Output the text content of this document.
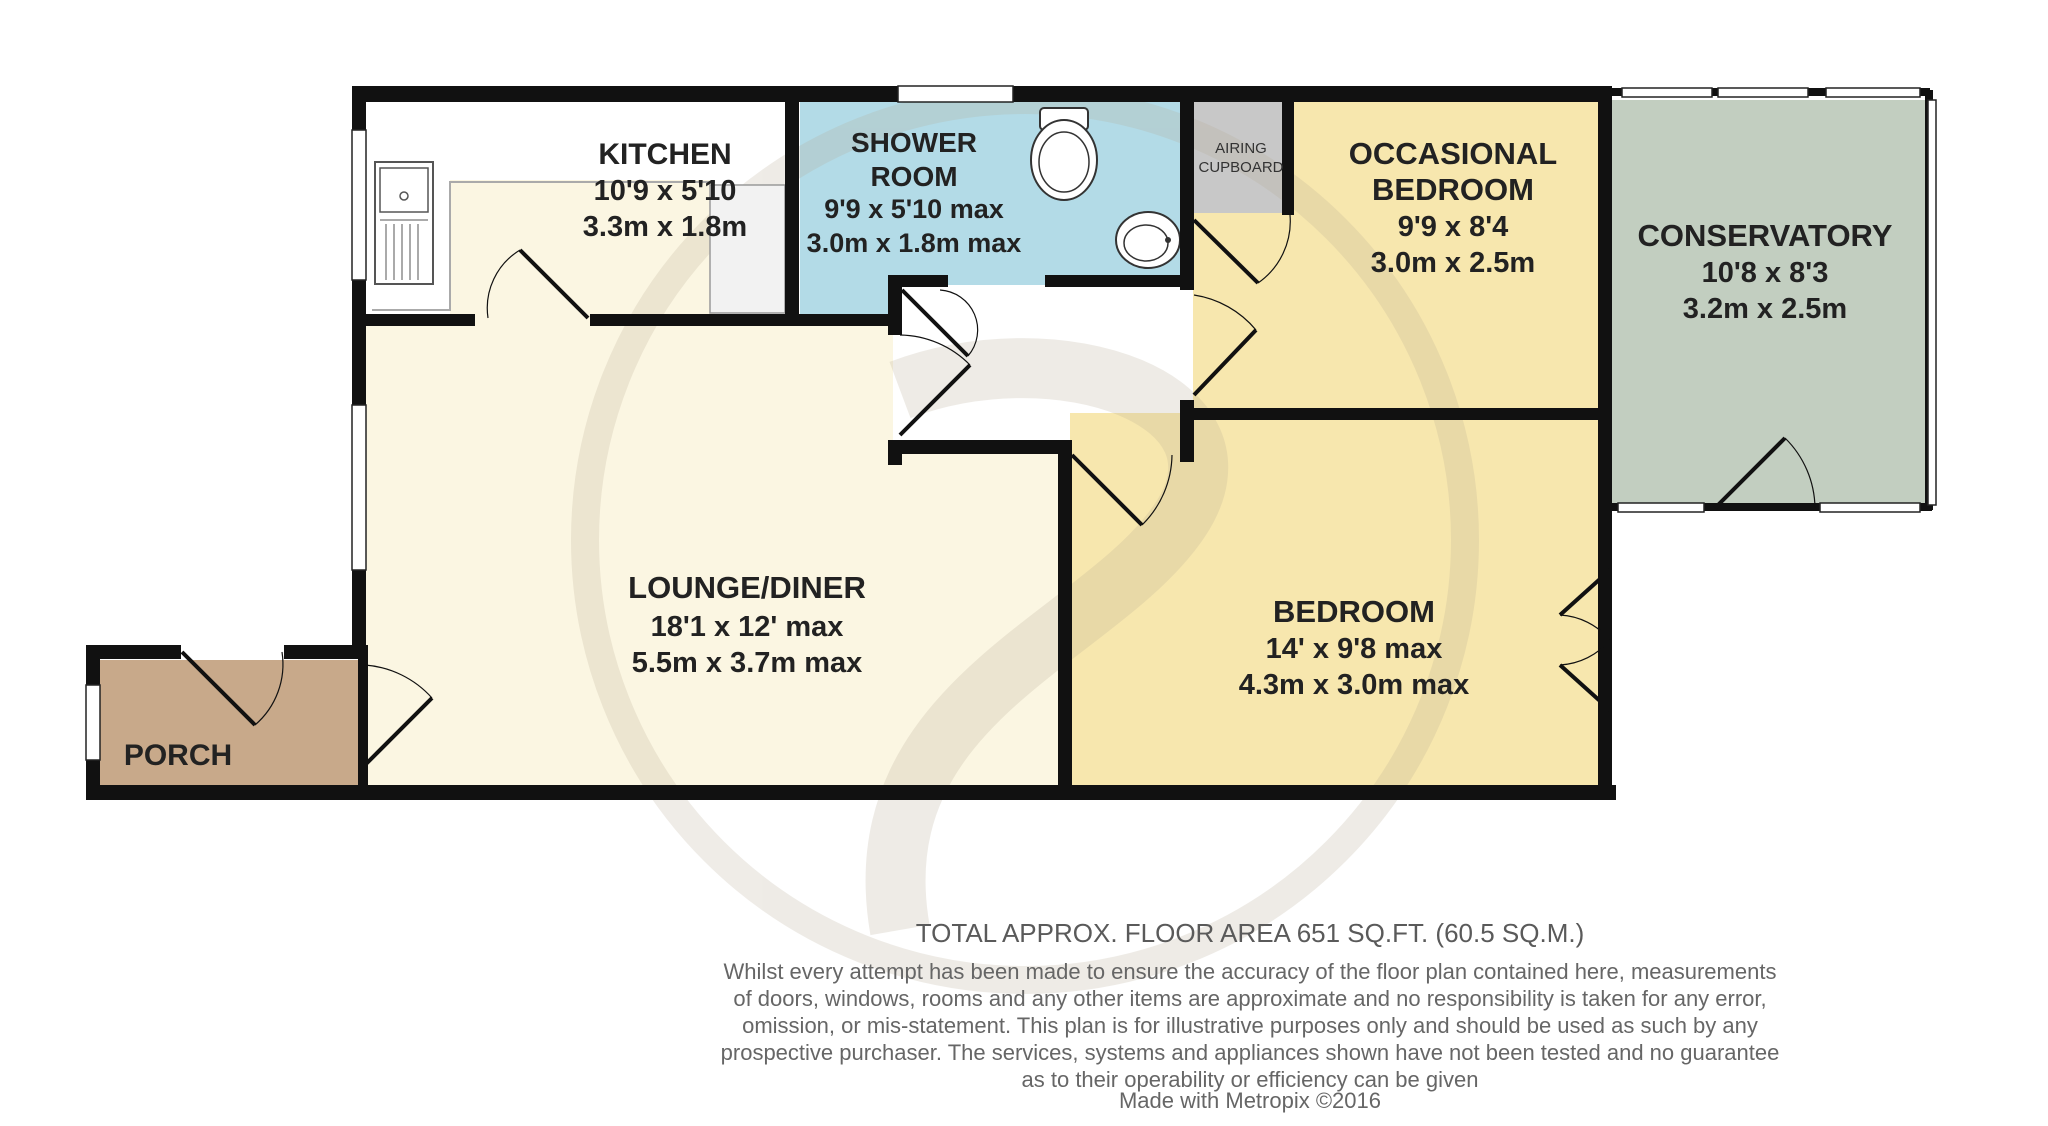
KITCHEN
10'9 x 5'10
3.3m x 1.8m
SHOWER
ROOM
9'9 x 5'10 max
3.0m x 1.8m max
AIRING
CUPBOARD OCCASIONAL
BEDROOM
9'9 x 8'4
3.0m x 2.5m
CONSERVATORY
10'8 x 8'3
3.2m x 2.5m
LOUNGE/DINER
18'1 x 12' max
5.5m x 3.7m max
BEDROOM
14' x 9'8 max
4.3m x 3.0m max
PORCH
TOTAL APPROX. FLOOR AREA 651 SQ.FT. (60.5 SQ.M.)
Whilst every attempt has been made to ensure the accuracy of the floor plan contained here, measurements
of doors, windows, rooms and any other items are approximate and no responsibility is taken for any error,
omission, or mis-statement. This plan is for illustrative purposes only and should be used as such by any
prospective purchaser. The services, systems and appliances shown have not been tested and no guarantee
as to their operability or efficiency can be given
Made with Metropix ©2016
